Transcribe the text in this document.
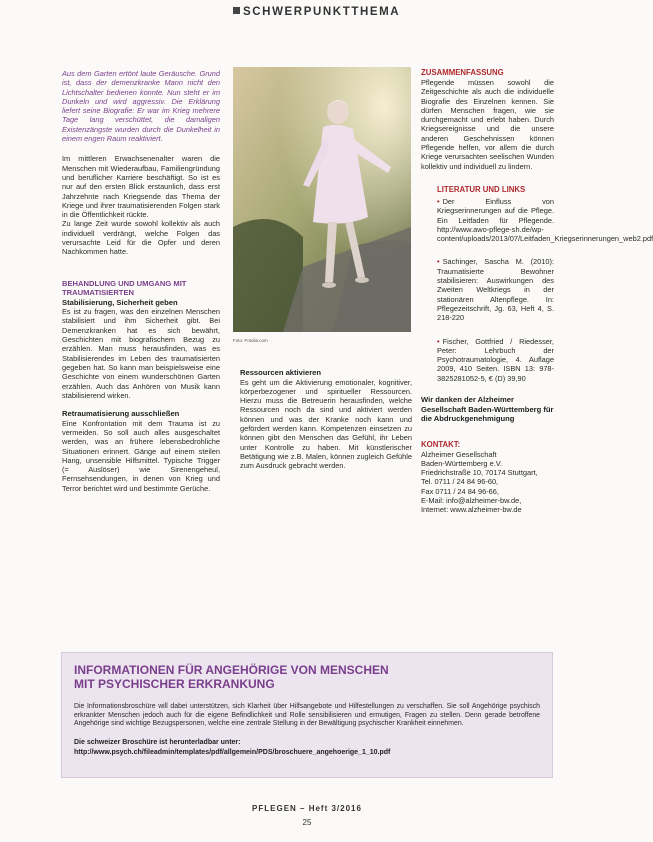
SCHWERPUNKTTHEMA

Aus dem Garten ertönt laute Geräusche. Grund ist, dass der demenzkranke Mann nicht den Lichtschalter bedienen konnte. Nun steht er im Dunkeln und wird aggressiv. Die Erklärung liefert seine Biografie: Er war im Krieg mehrere Tage lang verschüttet, die damaligen Existenzängste wurden durch die Dunkelheit in einem engen Raum reaktiviert.

Im mittleren Erwachsenenalter waren die Menschen mit Wiederaufbau, Familiengründung und beruflicher Karriere beschäftigt. So ist es nur auf den ersten Blick erstaunlich, dass erst Jahrzehnte nach Kriegsende das Thema der Kriege und ihrer traumatisierenden Folgen stark in die Öffentlichkeit rückte.

Zu lange Zeit wurde sowohl kollektiv als auch individuell verdrängt, welche Folgen das verursachte Leid für die Opfer und deren Nachkommen hatte.

BEHANDLUNG UND UMGANG MIT TRAUMATISIERTEN

Stabilisierung, Sicherheit geben

Es ist zu fragen, was den einzelnen Menschen stabilisiert und ihm Sicherheit gibt. Bei Demenzkranken hat es sich bewährt, Geschichten mit biografischem Bezug zu erzählen. Man muss herausfinden, was es Stabilisierendes im Leben des traumatisierten gegeben hat. So kann man beispielsweise eine Geschichte von einem wunderschönen Garten erzählen. Auch das Anhören von Musik kann stabilisierend wirken.

Retraumatisierung ausschließen

Eine Konfrontation mit dem Trauma ist zu vermeiden. So soll auch alles ausgeschaltet werden, was an frühere lebensbedrohliche Situationen erinnert. Gänge auf einem steilen Hang, unsensible Hilfsmittel. Typische Trigger (= Auslöser) wie Sirenengeheul, Fernsehsendungen, in denen von Krieg und Terror berichtet wird und bestimmte Gerüche.

Foto: Fotolia.com

Ressourcen aktivieren

Es geht um die Aktivierung emotionaler, kognitiver, körperbezogener und spiritueller Ressourcen. Hierzu muss die Betreuerin herausfinden, welche Ressourcen noch da sind und aktiviert werden können und was der Kranke noch kann und gefördert werden kann. Kompetenzen einsetzen zu können gibt den Menschen das Gefühl, ihr Leben unter Kontrolle zu haben. Mit künstlerischer Betätigung wie z.B. Malen, können zugleich Gefühle zum Ausdruck gebracht werden.

ZUSAMMENFASSUNG

Pflegende müssen sowohl die Zeitgeschichte als auch die individuelle Biografie des Einzelnen kennen. Sie dürfen Menschen fragen, wie sie durchgemacht und erlebt haben. Durch Kriegsereignisse und die unsere anderen Geschehnissen können Pflegende helfen, vor allem die durch Kriege verursachten seelischen Wunden kollektiv und individuell zu lindern.

LITERATUR UND LINKS

• Der Einfluss von Kriegserinnerungen auf die Pflege. Ein Leitfaden für Pflegende. http://www.awo-pflege-sh.de/wp-content/uploads/2013/07/Leitfaden_Kriegserinnerungen_web2.pdf

• Sachinger, Sascha M. (2010): Traumatisierte Bewohner stabilisieren: Auswirkungen des Zweiten Weltkriegs in der stationären Altenpflege. In: Pflegezeitschrift, Jg. 63, Heft 4, S. 218-220

• Fischer, Gottfried / Riedesser, Peter: Lehrbuch der Psychotraumatologie, 4. Auflage 2009, 410 Seiten. ISBN 13: 978-3825281052-5, € (D) 39,90

Wir danken der Alzheimer Gesellschaft Baden-Württemberg für die Abdruckgenehmigung

KONTAKT:

Alzheimer Gesellschaft

Baden-Württemberg e.V.

Friedrichstraße 10, 70174 Stuttgart,

Tel. 0711 / 24 84 96-60,

Fax 0711 / 24 84 96-66,

E-Mail: info@alzheimer-bw.de,

Internet: www.alzheimer-bw.de

INFORMATIONEN FÜR ANGEHÖRIGE VON MENSCHEN

MIT PSYCHISCHER ERKRANKUNG

Die Informationsbroschüre will dabei unterstützen, sich Klarheit über Hilfsangebote und Hilfestellungen zu verschaffen. Sie soll Angehörige psychisch erkrankter Menschen jedoch auch für die eigene Befindlichkeit und Rolle sensibilisieren und ermutigen, Fragen zu stellen. Denn gerade betroffene Angehörige sind wichtige Bezugspersonen, welche eine zentrale Stellung in der Bewältigung psychischer Krankheit einnehmen.

Die schweizer Broschüre ist herunterladbar unter:

http://www.psych.ch/fileadmin/templates/pdf/allgemein/PDS/broschuere_angehoerige_1_10.pdf

PFLEGEN – Heft 3/2016
25
